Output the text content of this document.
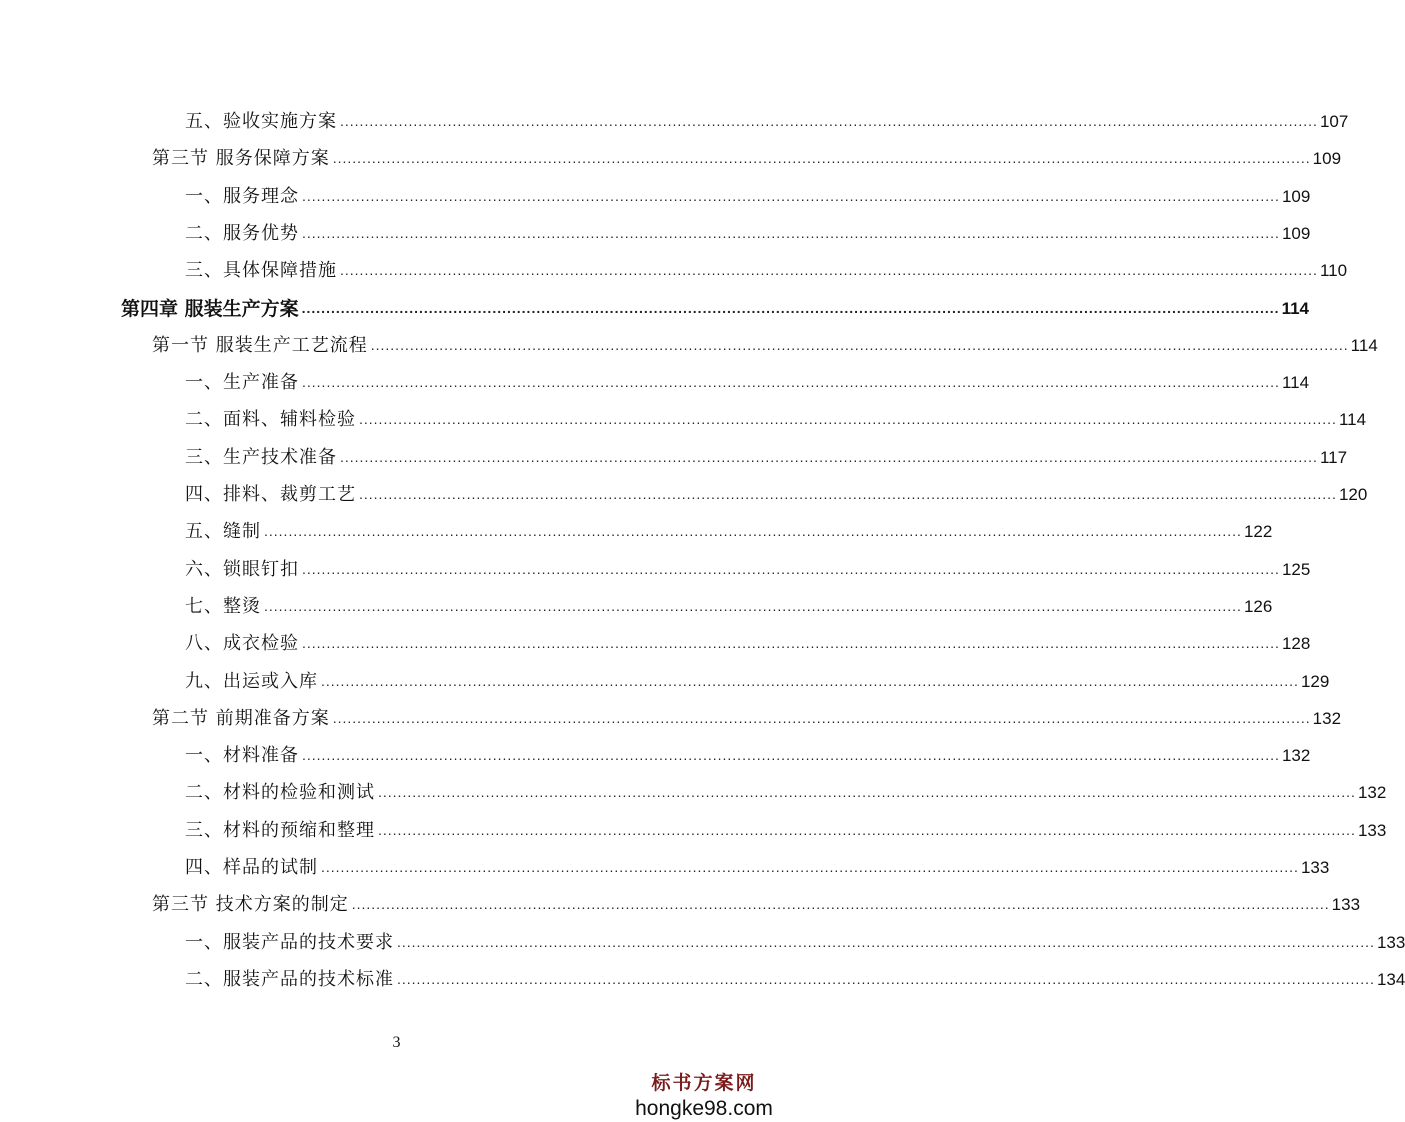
五、验收实施方案 ........................................................................................................................................................................................................ 107
第三节 服务保障方案 ........................................................................................................................................................................................................ 109
一、服务理念 ........................................................................................................................................................................................................ 109
二、服务优势 ........................................................................................................................................................................................................ 109
三、具体保障措施 ........................................................................................................................................................................................................ 110
第四章 服装生产方案 ........................................................................................................................................................................................................ 114
第一节 服装生产工艺流程 ........................................................................................................................................................................................................ 114
一、生产准备 ........................................................................................................................................................................................................ 114
二、面料、辅料检验 ........................................................................................................................................................................................................ 114
三、生产技术准备 ........................................................................................................................................................................................................ 117
四、排料、裁剪工艺 ........................................................................................................................................................................................................ 120
五、缝制 ........................................................................................................................................................................................................ 122
六、锁眼钉扣 ........................................................................................................................................................................................................ 125
七、整烫 ........................................................................................................................................................................................................ 126
八、成衣检验 ........................................................................................................................................................................................................ 128
九、出运或入库 ........................................................................................................................................................................................................ 129
第二节 前期准备方案 ........................................................................................................................................................................................................ 132
一、材料准备 ........................................................................................................................................................................................................ 132
二、材料的检验和测试 ........................................................................................................................................................................................................ 132
三、材料的预缩和整理 ........................................................................................................................................................................................................ 133
四、样品的试制 ........................................................................................................................................................................................................ 133
第三节 技术方案的制定 ........................................................................................................................................................................................................ 133
一、服装产品的技术要求 ........................................................................................................................................................................................................ 133
二、服装产品的技术标准 ........................................................................................................................................................................................................ 134
3
标书方案网
hongke98.com
